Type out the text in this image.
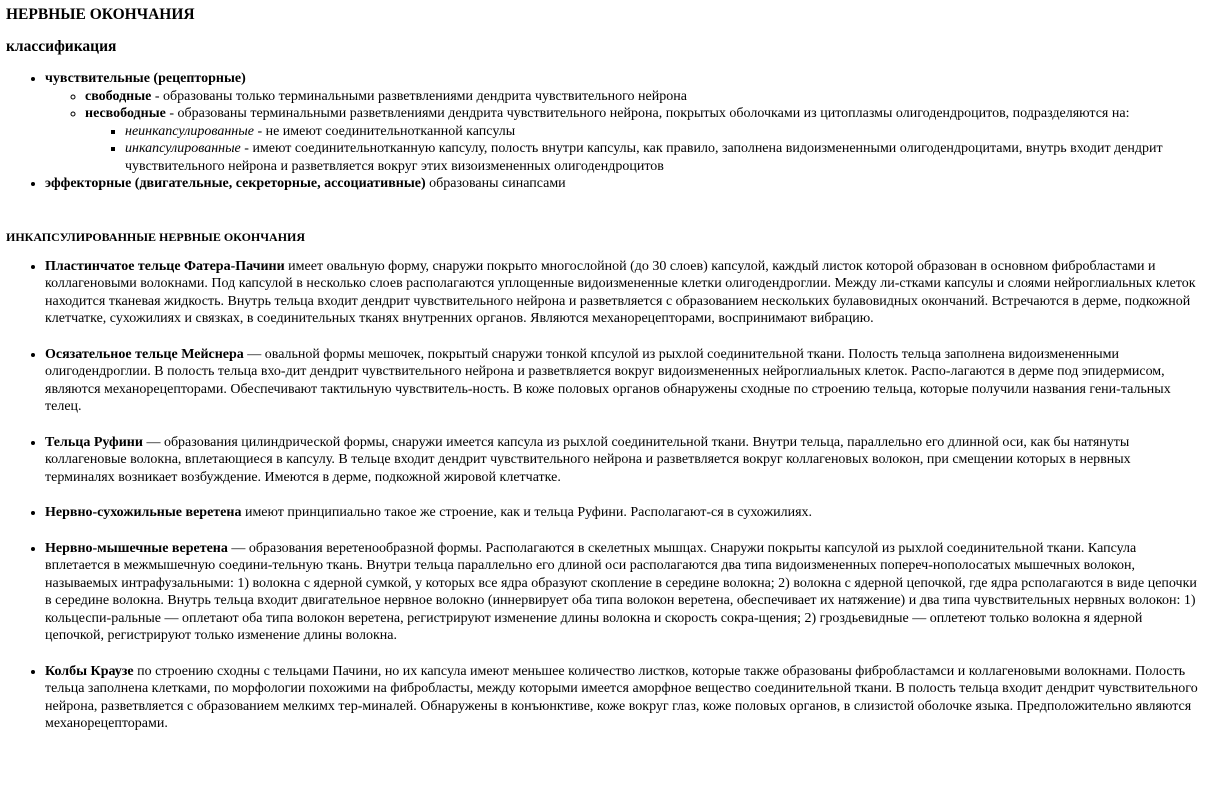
НЕРВНЫЕ ОКОНЧАНИЯ
классификация
• чувствительные (рецепторные)
◦ свободные - образованы только терминальными разветвлениями дендрита чувствительного нейрона
◦ несвободные - образованы терминальными разветвлениями дендрита чувствительного нейрона, покрытых оболочками из цитоплазмы олигодендроцитов, подразделяются на:
▪ неинкапсулированные - не имеют соединительнотканной капсулы
▪ инкапсулированные - имеют соединительнотканную капсулу, полость внутри капсулы, как правило, заполнена видоизмененными олигодендроцитами, внутрь входит дендрит чувствительного нейрона и разветвляется вокруг этих визоизмененных олигодендроцитов
• эффекторные (двигательные, секреторные, ассоциативные) образованы синапсами
ИНКАПСУЛИРОВАННЫЕ НЕРВНЫЕ ОКОНЧАНИЯ
• Пластинчатое тельце Фатера-Пачини имеет овальную форму, снаружи покрыто многослойной (до 30 слоев) капсулой, каждый листок которой образован в основном фибробластами и коллагеновыми волокнами. Под капсулой в несколько слоев располагаются уплощенные видоизмененные клетки олигодендроглии. Между ли-стками капсулы и слоями нейроглиальных клеток находится тканевая жидкость. Внутрь тельца входит дендрит чувствительного нейрона и разветвляется с образованием нескольких булавовидных окончаний. Встречаются в дерме, подкожной клетчатке, сухожилиях и связках, в соединительных тканях внутренних органов. Являются механорецепторами, воспринимают вибрацию.
• Осязательное тельце Мейснера — овальной формы мешочек, покрытый снаружи тонкой кпсулой из рыхлой соединительной ткани. Полость тельца заполнена видоизмененными олигодендроглии. В полость тельца вхо-дит дендрит чувствительного нейрона и разветвляется вокруг видоизмененных нейроглиальных клеток. Распо-лагаются в дерме под эпидермисом, являются механорецепторами. Обеспечивают тактильную чувствитель-ность. В коже половых органов обнаружены сходные по строению тельца, которые получили названия гени-тальных телец.
• Тельца Руфини — образования цилиндрической формы, снаружи имеется капсула из рыхлой соединительной ткани. Внутри тельца, параллельно его длинной оси, как бы натянуты коллагеновые волокна, вплетающиеся в капсулу. В тельце входит дендрит чувствительного нейрона и разветвляется вокруг коллагеновых волокон, при смещении которых в нервных терминалях возникает возбуждение. Имеются в дерме, подкожной жировой клетчатке.
• Нервно-сухожильные веретена имеют принципиально такое же строение, как и тельца Руфини. Располагают-ся в сухожилиях.
• Нервно-мышечные веретена — образования веретенообразной формы. Располагаются в скелетных мышцах. Снаружи покрыты капсулой из рыхлой соединительной ткани. Капсула вплетается в межмышечную соедини-тельную ткань. Внутри тельца параллельно его длиной оси располагаются два типа видоизмененных попереч-нополосатых мышечных волокон, называемых интрафузальными: 1) волокна с ядерной сумкой, у которых все ядра образуют скопление в середине волокна; 2) волокна с ядерной цепочкой, где ядра рсполагаются в виде цепочки в середине волокна. Внутрь тельца входит двигательное нервное волокно (иннервирует оба типа волокон веретена, обеспечивает их натяжение) и два типа чувствительных нервных волокон: 1) кольцеспи-ральные — оплетают оба типа волокон веретена, регистрируют изменение длины волокна и скорость сокра-щения; 2) гроздьевидные — оплетеют только волокна я ядерной цепочкой, регистрируют только изменение длины волокна.
• Колбы Краузе по строению сходны с тельцами Пачини, но их капсула имеют меньшее количество листков, которые также образованы фибробластамси и коллагеновыми волокнами. Полость тельца заполнена клетками, по морфологии похожими на фибробласты, между которыми имеется аморфное вещество соединительной ткани. В полость тельца входит дендрит чувствительного нейрона, разветвляется с образованием мелкимх тер-миналей. Обнаружены в конъюнктиве, коже вокруг глаз, коже половых органов, в слизистой оболочке языка. Предположительно являются механорецепторами.
